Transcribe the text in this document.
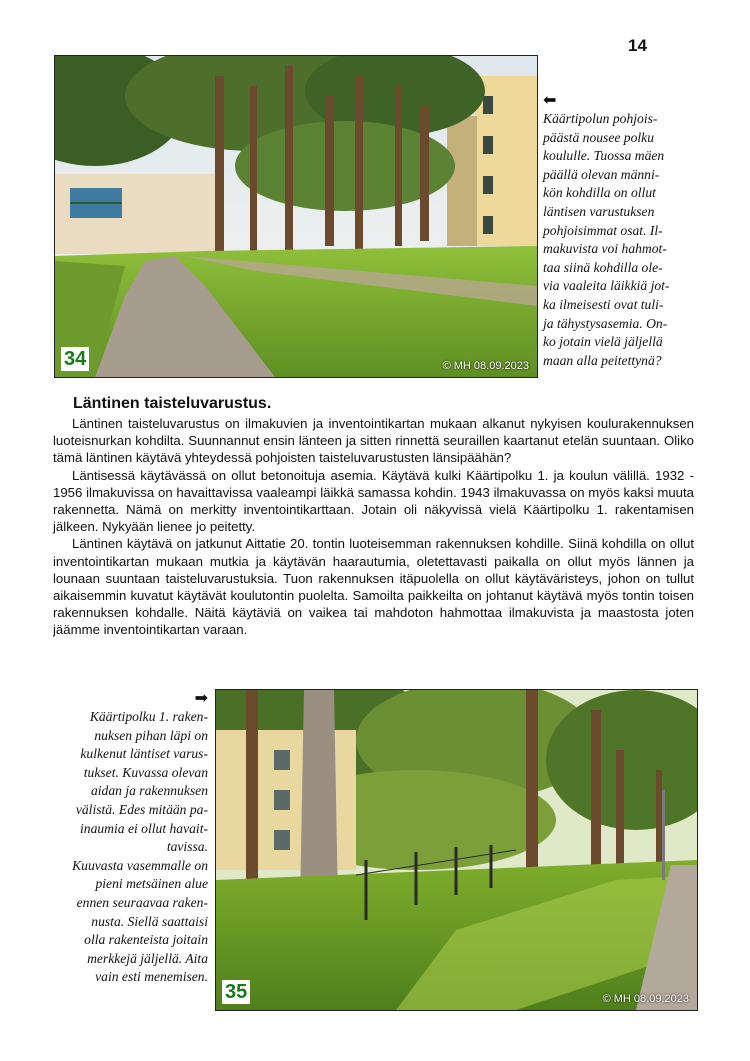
14
34	© MH 08.09.2023
⬅
Käärtipolun pohjois-
päästä nousee polku
koululle. Tuossa mäen
päällä olevan männi-
kön kohdilla on ollut
läntisen varustuksen
pohjoisimmat osat. Il-
makuvista voi hahmot-
taa siinä kohdilla ole-
via vaaleita läikkiä jot-
ka ilmeisesti ovat tuli-
ja tähystysasemia. On-
ko jotain vielä jäljellä
maan alla peitettynä?
Läntinen taisteluvarustus.

Läntinen taisteluvarustus on ilmakuvien ja inventointikartan mukaan alkanut nykyisen koulurakennuksen luoteisnurkan kohdilta. Suunnannut ensin länteen ja sitten rinnettä seuraillen kaartanut etelän suuntaan. Oliko tämä läntinen käytävä yhteydessä pohjoisten taisteluvarustusten länsipäähän?

Läntisessä käytävässä on ollut betonoituja asemia. Käytävä kulki Käärtipolku 1. ja koulun välillä. 1932 - 1956 ilmakuvissa on havaittavissa vaaleampi läikkä samassa kohdin. 1943 ilmakuvassa on myös kaksi muuta rakennetta. Nämä on merkitty inventointikarttaan. Jotain oli näkyvissä vielä Käärtipolku 1. rakentamisen jälkeen. Nykyään lienee jo peitetty.

Läntinen käytävä on jatkunut Aittatie 20. tontin luoteisemman rakennuksen kohdille. Siinä kohdilla on ollut inventointikartan mukaan mutkia ja käytävän haarautumia, oletettavasti paikalla on ollut myös lännen ja lounaan suuntaan taisteluvarustuksia. Tuon rakennuksen itäpuolella on ollut käytäväristeys, johon on tullut aikaisemmin kuvatut käytävät koulutontin puolelta. Samoilta paikkeilta on johtanut käytävä myös tontin toisen rakennuksen kohdalle. Näitä käytäviä on vaikea tai mahdoton hahmottaa ilmakuvista ja maastosta joten jäämme inventointikartan varaan.

➡
Käärtipolku 1. raken-
nuksen pihan läpi on
kulkenut läntiset varus-
tukset. Kuvassa olevan
aidan ja rakennuksen
välistä. Edes mitään pa-
inaumia ei ollut havait-
tavissa.
Kuuvasta vasemmalle on
pieni metsäinen alue
ennen seuraavaa raken-
nusta. Siellä saattaisi
olla rakenteista joitain
merkkejä jäljellä. Aita
vain esti menemisen.
35	© MH 08.09.2023
